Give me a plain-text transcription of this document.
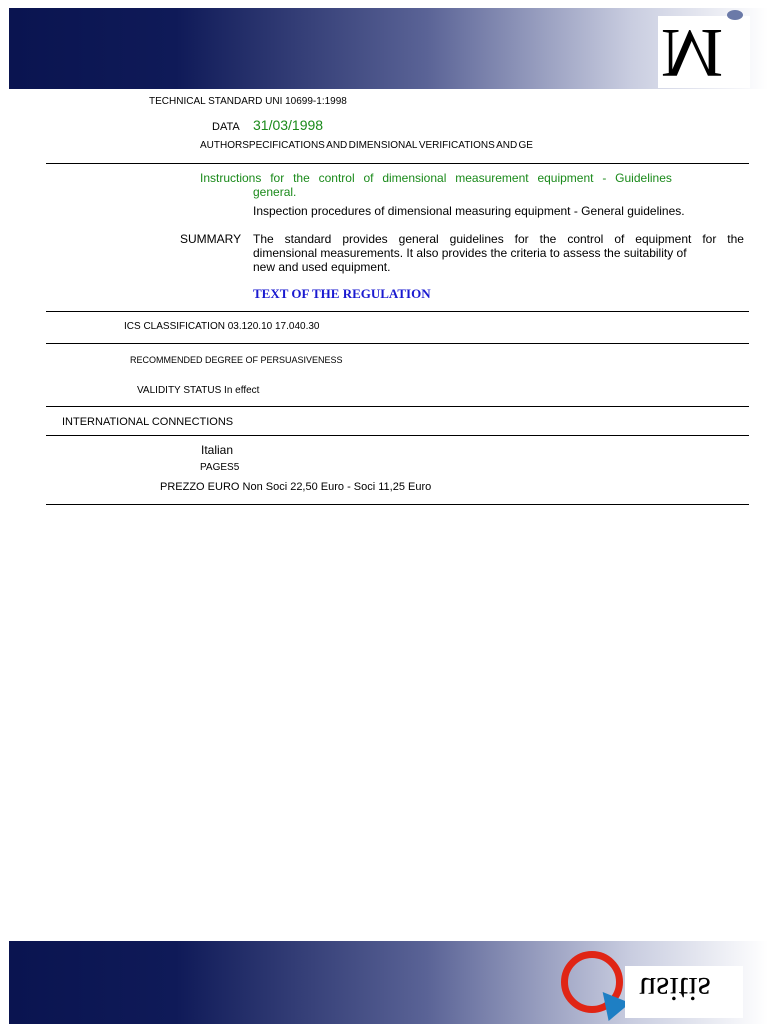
M
TECHNICAL STANDARD UNI 10699-1:1998
DATA 31/03/1998
AUTHOR SPECIFICATIONS AND DIMENSIONAL VERIFICATIONS AND GE
Instructions for the control of dimensional measurement equipment - Guidelines
general.
Inspection procedures of dimensional measuring equipment - General guidelines.
SUMMARY The standard provides general guidelines for the control of equipment for the
dimensional measurements. It also provides the criteria to assess the suitability of
new and used equipment.
TEXT OF THE REGULATION
ICS CLASSIFICATION 03.120.10 17.040.30
RECOMMENDED DEGREE OF PERSUASIVENESS
VALIDITY STATUS In effect
INTERNATIONAL CONNECTIONS
Italian
PAGES5
PREZZO EURO Non Soci 22,50 Euro - Soci 11,25 Euro
usitis
